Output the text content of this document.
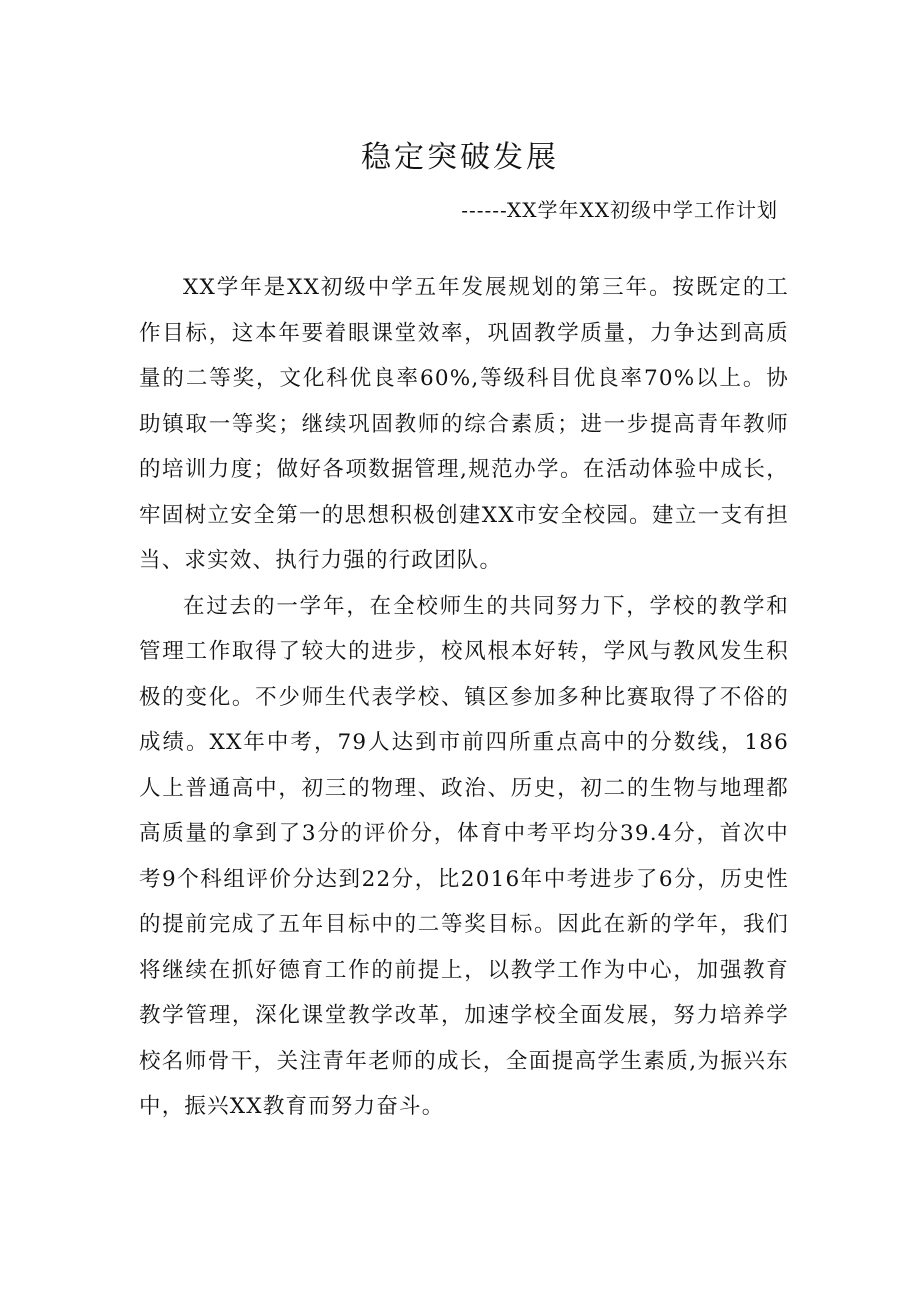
稳定突破发展

------XX学年XX初级中学工作计划

XX学年是XX初级中学五年发展规划的第三年。按既定的工作目标，这本年要着眼课堂效率，巩固教学质量，力争达到高质量的二等奖，文化科优良率60%,等级科目优良率70%以上。协助镇取一等奖；继续巩固教师的综合素质；进一步提高青年教师的培训力度；做好各项数据管理,规范办学。在活动体验中成长，牢固树立安全第一的思想积极创建XX市安全校园。建立一支有担当、求实效、执行力强的行政团队。

在过去的一学年，在全校师生的共同努力下，学校的教学和管理工作取得了较大的进步，校风根本好转，学风与教风发生积极的变化。不少师生代表学校、镇区参加多种比赛取得了不俗的成绩。XX年中考，79人达到市前四所重点高中的分数线，186人上普通高中，初三的物理、政治、历史，初二的生物与地理都高质量的拿到了3分的评价分，体育中考平均分39.4分，首次中考9个科组评价分达到22分，比2016年中考进步了6分，历史性的提前完成了五年目标中的二等奖目标。因此在新的学年，我们将继续在抓好德育工作的前提上，以教学工作为中心，加强教育教学管理，深化课堂教学改革，加速学校全面发展，努力培养学校名师骨干，关注青年老师的成长，全面提高学生素质,为振兴东中，振兴XX教育而努力奋斗。
